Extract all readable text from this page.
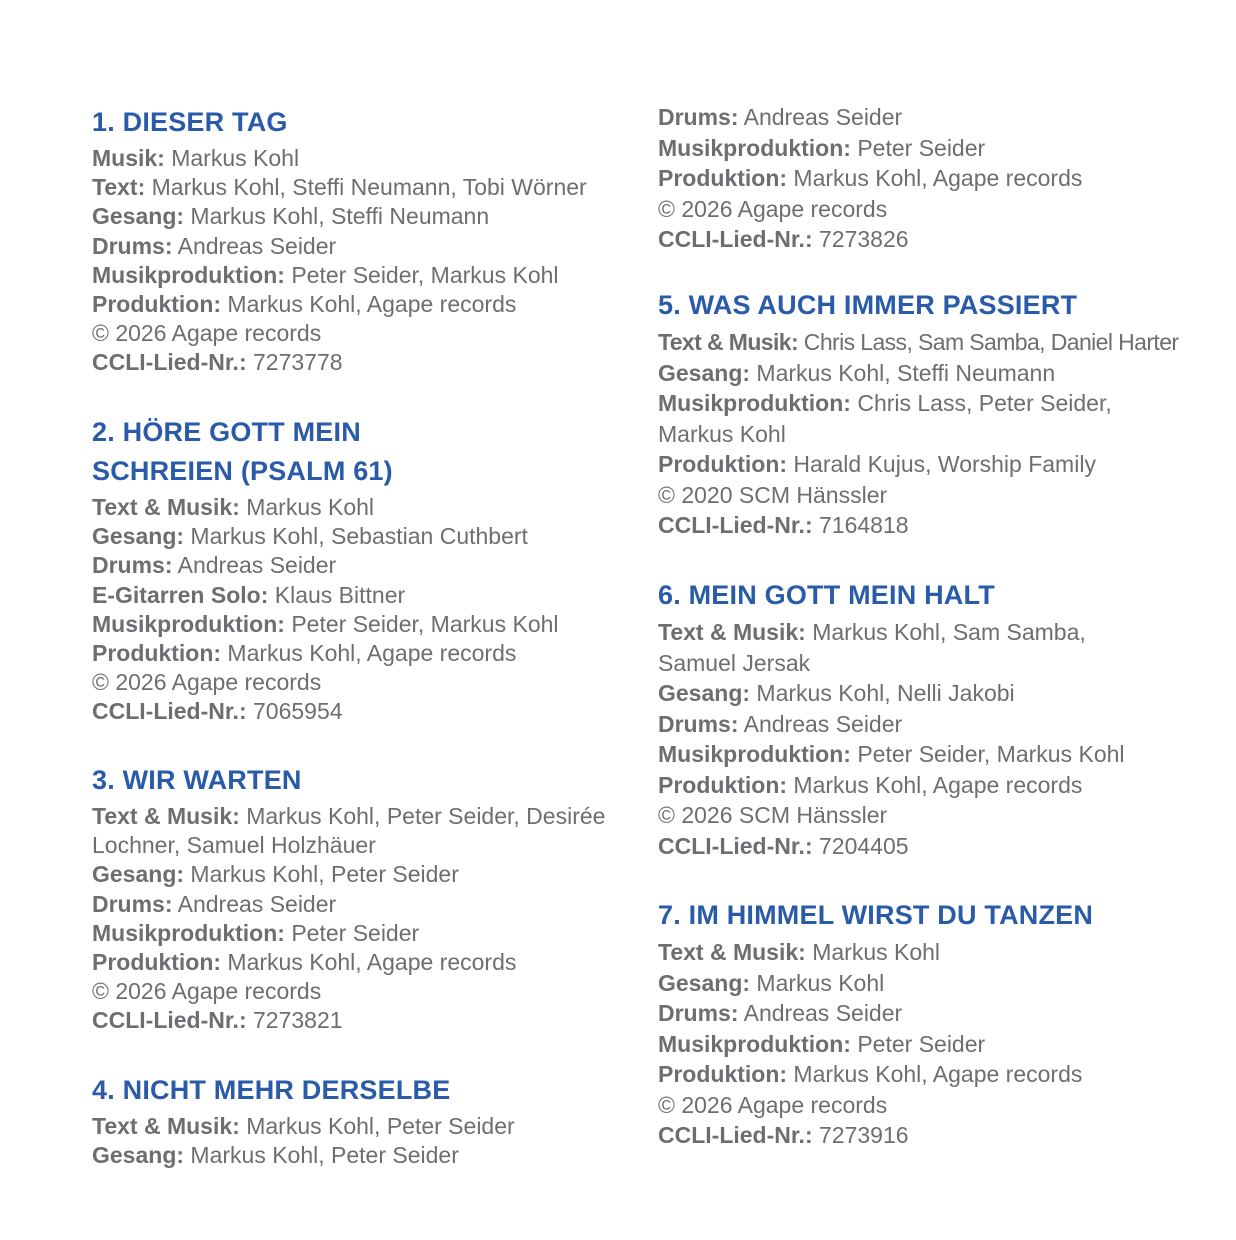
1. DIESER TAG
Musik: Markus Kohl
Text: Markus Kohl, Steffi Neumann, Tobi Wörner
Gesang: Markus Kohl, Steffi Neumann
Drums: Andreas Seider
Musikproduktion: Peter Seider, Markus Kohl
Produktion: Markus Kohl, Agape records
© 2026 Agape records
CCLI-Lied-Nr.: 7273778
2. HÖRE GOTT MEIN SCHREIEN (PSALM 61)
Text & Musik: Markus Kohl
Gesang: Markus Kohl, Sebastian Cuthbert
Drums: Andreas Seider
E-Gitarren Solo: Klaus Bittner
Musikproduktion: Peter Seider, Markus Kohl
Produktion: Markus Kohl, Agape records
© 2026 Agape records
CCLI-Lied-Nr.: 7065954
3. WIR WARTEN
Text & Musik: Markus Kohl, Peter Seider, Desirée Lochner, Samuel Holzhäuer
Gesang: Markus Kohl, Peter Seider
Drums: Andreas Seider
Musikproduktion: Peter Seider
Produktion: Markus Kohl, Agape records
© 2026 Agape records
CCLI-Lied-Nr.: 7273821
4. NICHT MEHR DERSELBE
Text & Musik: Markus Kohl, Peter Seider
Gesang: Markus Kohl, Peter Seider
Drums: Andreas Seider
Musikproduktion: Peter Seider
Produktion: Markus Kohl, Agape records
© 2026 Agape records
CCLI-Lied-Nr.: 7273826
5. WAS AUCH IMMER PASSIERT
Text & Musik: Chris Lass, Sam Samba, Daniel Harter
Gesang: Markus Kohl, Steffi Neumann
Musikproduktion: Chris Lass, Peter Seider, Markus Kohl
Produktion: Harald Kujus, Worship Family
© 2020 SCM Hänssler
CCLI-Lied-Nr.: 7164818
6. MEIN GOTT MEIN HALT
Text & Musik: Markus Kohl, Sam Samba, Samuel Jersak
Gesang: Markus Kohl, Nelli Jakobi
Drums: Andreas Seider
Musikproduktion: Peter Seider, Markus Kohl
Produktion: Markus Kohl, Agape records
© 2026 SCM Hänssler
CCLI-Lied-Nr.: 7204405
7. IM HIMMEL WIRST DU TANZEN
Text & Musik: Markus Kohl
Gesang: Markus Kohl
Drums: Andreas Seider
Musikproduktion: Peter Seider
Produktion: Markus Kohl, Agape records
© 2026 Agape records
CCLI-Lied-Nr.: 7273916
